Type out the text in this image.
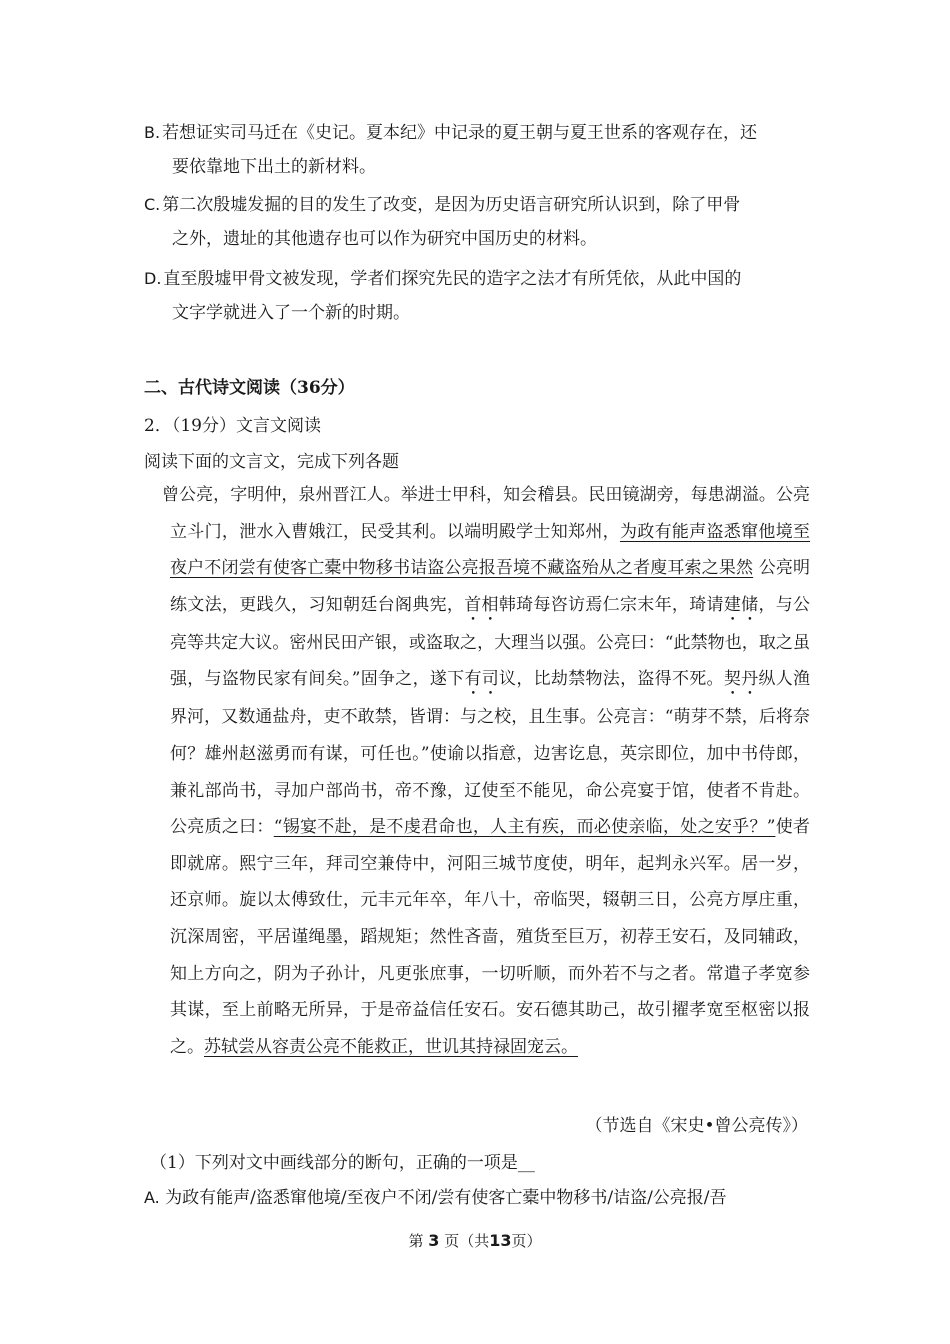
B. 若想证实司马迁在《史记。夏本纪》中记录的夏王朝与夏王世系的客观存在，还
要依靠地下出土的新材料。
C. 第二次殷墟发掘的目的发生了改变，是因为历史语言研究所认识到，除了甲骨
之外，遗址的其他遗存也可以作为研究中国历史的材料。
D. 直至殷墟甲骨文被发现，学者们探究先民的造字之法才有所凭依，从此中国的
文字学就进入了一个新的时期。
二、古代诗文阅读（36分）
2．（19分）文言文阅读
阅读下面的文言文，完成下列各题
曾公亮，字明仲，泉州晋江人。举进士甲科，知会稽县。民田镜湖旁，每患湖溢。公亮立斗门，泄水入曹娥江，民受其利。以端明殿学士知郑州，为政有能声盗悉窜他境至夜户不闭尝有使客亡橐中物移书诘盗公亮报吾境不藏盗殆从之者廋耳索之果然 公亮明练文法，更践久，习知朝廷台阁典宪，首相韩琦每咨访焉仁宗末年，琦请建储，与公亮等共定大议。密州民田产银，或盗取之，大理当以强。公亮曰：“此禁物也，取之虽强，与盗物民家有间矣。”固争之，遂下有司议，比劫禁物法，盗得不死。契丹纵人渔界河，又数通盐舟，吏不敢禁，皆谓：与之校，且生事。公亮言：“萌芽不禁，后将奈何？雄州赵滋勇而有谋，可任也。”使谕以指意，边害讫息，英宗即位，加中书侍郎，兼礼部尚书，寻加户部尚书，帝不豫，辽使至不能见，命公亮宴于馆，使者不肯赴。公亮质之曰：“锡宴不赴，是不虔君命也，人主有疾，而必使亲临，处之安乎？”使者即就席。熙宁三年，拜司空兼侍中，河阳三城节度使，明年，起判永兴军。居一岁，还京师。旋以太傅致仕，元丰元年卒，年八十，帝临哭，辍朝三日，公亮方厚庄重，沉深周密，平居谨绳墨，蹈规矩；然性吝啬，殖货至巨万，初荐王安石，及同辅政，知上方向之，阴为子孙计，凡更张庶事，一切听顺，而外若不与之者。常遣子孝宽参其谋，至上前略无所异，于是帝益信任安石。安石德其助己，故引擢孝宽至枢密以报之。苏轼尝从容责公亮不能救正，世讥其持禄固宠云。
（节选自《宋史•曾公亮传》）
（1）下列对文中画线部分的断句，正确的一项是__
A. 为政有能声/盗悉窜他境/至夜户不闭/尝有使客亡橐中物移书/诘盗/公亮报/吾
第 3 页（共13页）
